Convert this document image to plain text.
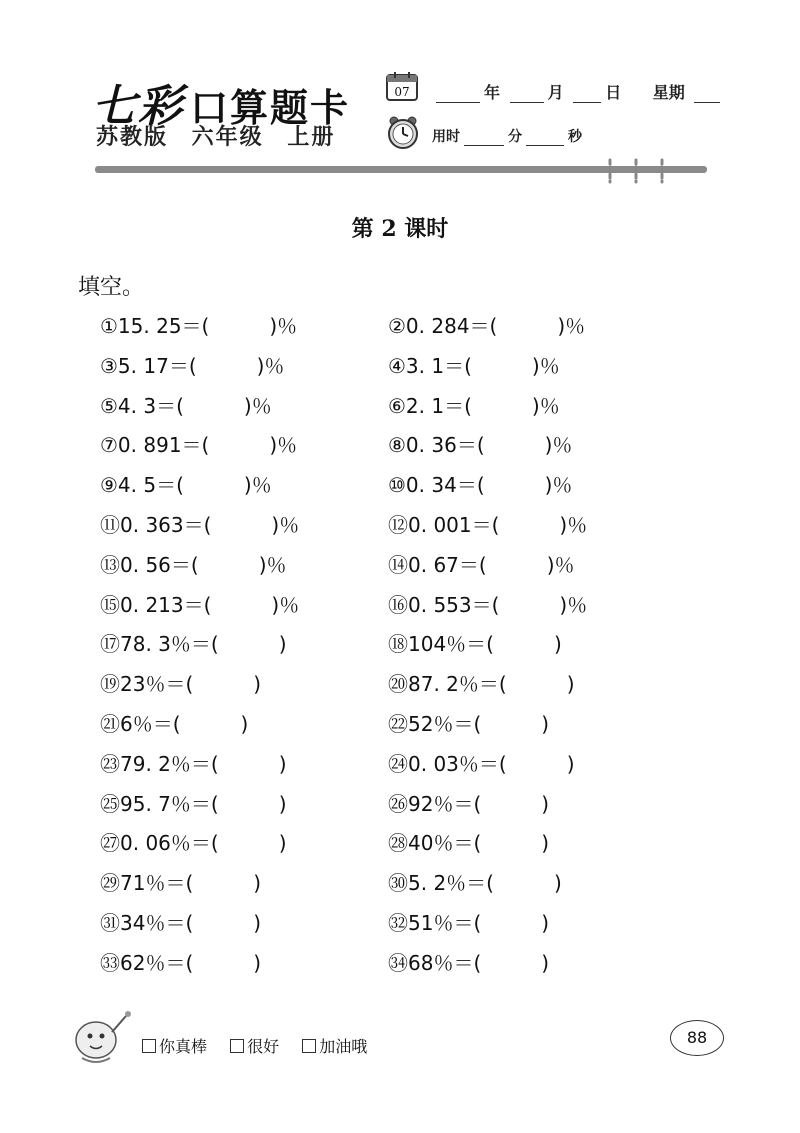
七彩 口算题卡
苏教版 六年级 上册
07	年	月	日 星期
用时	分	秒
第 2 课时
填空。
①15. 25＝(	)％	②0. 284＝(	)％
③5. 17＝(	)％	④3. 1＝(	)％
⑤4. 3＝(	)％	⑥2. 1＝(	)％
⑦0. 891＝(	)％	⑧0. 36＝(	)％
⑨4. 5＝(	)％	⑩0. 34＝(	)％
⑪0. 363＝(	)％	⑫0. 001＝(	)％
⑬0. 56＝(	)％	⑭0. 67＝(	)％
⑮0. 213＝(	)％	⑯0. 553＝(	)％
⑰78. 3％＝(	)	⑱104％＝(	)
⑲23％＝(	)	⑳87. 2％＝(	)
㉑6％＝(	)	㉒52％＝(	)
㉓79. 2％＝(	)	㉔0. 03％＝(	)
㉕95. 7％＝(	)	㉖92％＝(	)
㉗0. 06％＝(	)	㉘40％＝(	)
㉙71％＝(	)	㉚5. 2％＝(	)
㉛34％＝(	)	㉜51％＝(	)
㉝62％＝(	)	㉞68％＝(	)
你真棒	很好	加油哦	88
